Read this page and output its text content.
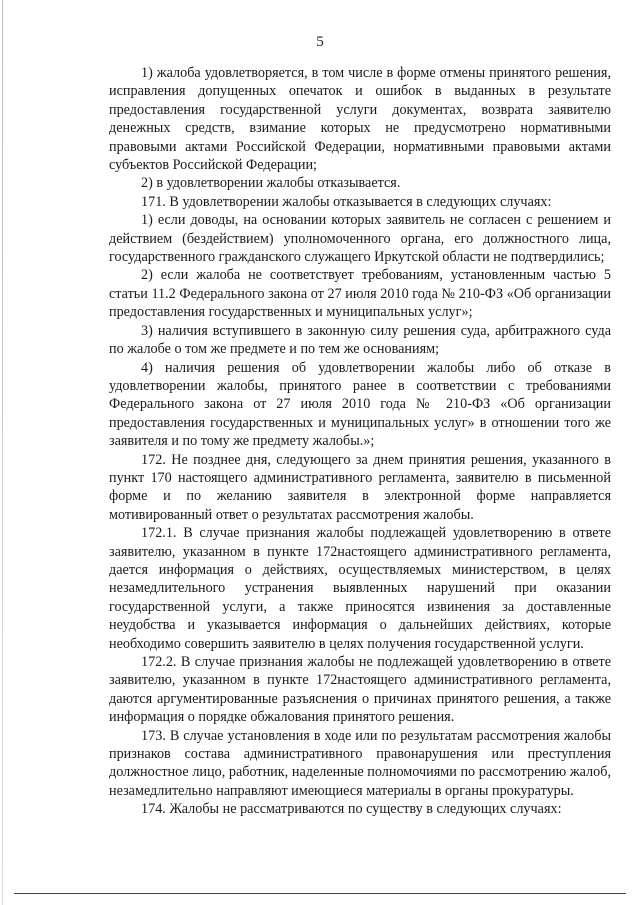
5

1) жалоба удовлетворяется, в том числе в форме отмены принятого решения, исправления допущенных опечаток и ошибок в выданных в результате предоставления государственной услуги документах, возврата заявителю денежных средств, взимание которых не предусмотрено нормативными правовыми актами Российской Федерации, нормативными правовыми актами субъектов Российской Федерации;

2) в удовлетворении жалобы отказывается.

171. В удовлетворении жалобы отказывается в следующих случаях:

1) если доводы, на основании которых заявитель не согласен с решением и действием (бездействием) уполномоченного органа, его должностного лица, государственного гражданского служащего Иркутской области не подтвердились;

2) если жалоба не соответствует требованиям, установленным частью 5 статьи 11.2 Федерального закона от 27 июля 2010 года № 210-ФЗ «Об организации предоставления государственных и муниципальных услуг»;

3) наличия вступившего в законную силу решения суда, арбитражного суда по жалобе о том же предмете и по тем же основаниям;

4) наличия решения об удовлетворении жалобы либо об отказе в удовлетворении жалобы, принятого ранее в соответствии с требованиями Федерального закона от 27 июля 2010 года № 210-ФЗ «Об организации предоставления государственных и муниципальных услуг» в отношении того же заявителя и по тому же предмету жалобы.»;

172. Не позднее дня, следующего за днем принятия решения, указанного в пункт 170 настоящего административного регламента, заявителю в письменной форме и по желанию заявителя в электронной форме направляется мотивированный ответ о результатах рассмотрения жалобы.

172.1. В случае признания жалобы подлежащей удовлетворению в ответе заявителю, указанном в пункте 172настоящего административного регламента, дается информация о действиях, осуществляемых министерством, в целях незамедлительного устранения выявленных нарушений при оказании государственной услуги, а также приносятся извинения за доставленные неудобства и указывается информация о дальнейших действиях, которые необходимо совершить заявителю в целях получения государственной услуги.

172.2. В случае признания жалобы не подлежащей удовлетворению в ответе заявителю, указанном в пункте 172настоящего административного регламента, даются аргументированные разъяснения о причинах принятого решения, а также информация о порядке обжалования принятого решения.

173. В случае установления в ходе или по результатам рассмотрения жалобы признаков состава административного правонарушения или преступления должностное лицо, работник, наделенные полномочиями по рассмотрению жалоб, незамедлительно направляют имеющиеся материалы в органы прокуратуры.

174. Жалобы не рассматриваются по существу в следующих случаях:
